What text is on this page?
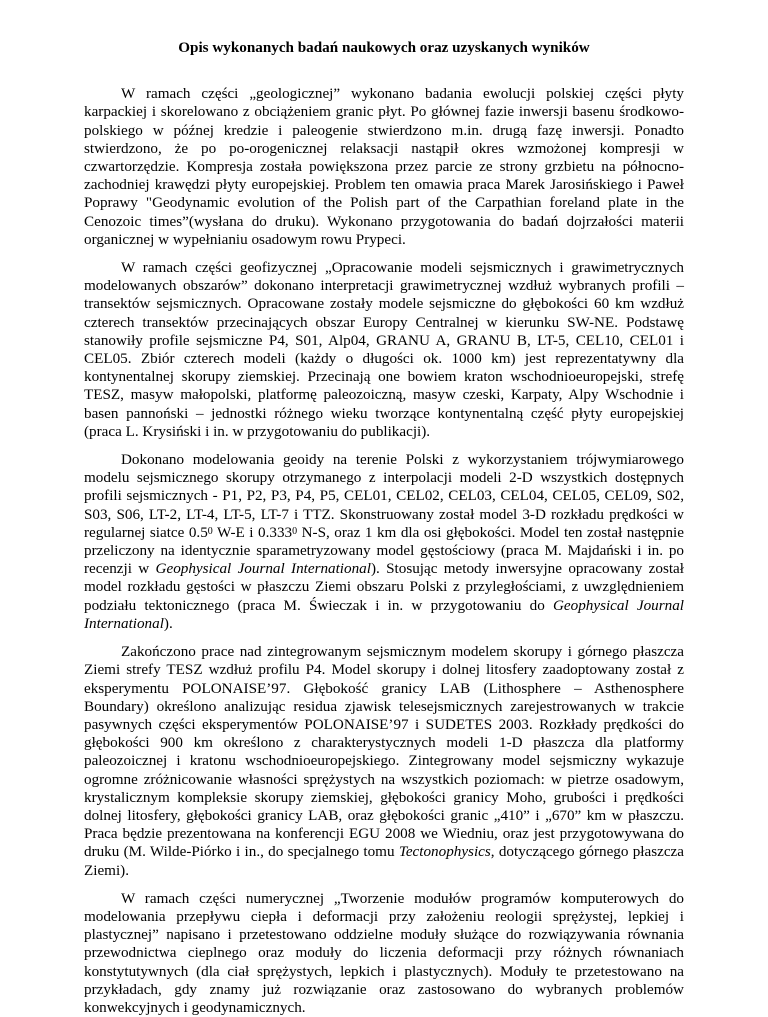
Opis wykonanych badań naukowych oraz uzyskanych wyników

W ramach części „geologicznej” wykonano badania ewolucji polskiej części płyty karpackiej i skorelowano z obciążeniem granic płyt. Po głównej fazie inwersji basenu środkowo-polskiego w późnej kredzie i paleogenie stwierdzono m.in. drugą fazę inwersji. Ponadto stwierdzono, że po po-orogenicznej relaksacji nastąpił okres wzmożonej kompresji w czwartorzędzie. Kompresja została powiększona przez parcie ze strony grzbietu na północno-zachodniej krawędzi płyty europejskiej. Problem ten omawia praca Marek Jarosińskiego i Paweł Poprawy "Geodynamic evolution of the Polish part of the Carpathian foreland plate in the Cenozoic times”(wysłana do druku). Wykonano przygotowania do badań dojrzałości materii organicznej w wypełnianiu osadowym rowu Prypeci.

W ramach części geofizycznej „Opracowanie modeli sejsmicznych i grawimetrycznych modelowanych obszarów” dokonano interpretacji grawimetrycznej wzdłuż wybranych profili – transektów sejsmicznych. Opracowane zostały modele sejsmiczne do głębokości 60 km wzdłuż czterech transektów przecinających obszar Europy Centralnej w kierunku SW-NE. Podstawę stanowiły profile sejsmiczne P4, S01, Alp04, GRANU A, GRANU B, LT-5, CEL10, CEL01 i CEL05. Zbiór czterech modeli (każdy o długości ok. 1000 km) jest reprezentatywny dla kontynentalnej skorupy ziemskiej. Przecinają one bowiem kraton wschodnioeuropejski, strefę TESZ, masyw małopolski, platformę paleozoiczną, masyw czeski, Karpaty, Alpy Wschodnie i basen pannoński – jednostki różnego wieku tworzące kontynentalną część płyty europejskiej (praca L. Krysiński i in. w przygotowaniu do publikacji).

Dokonano modelowania geoidy na terenie Polski z wykorzystaniem trójwymiarowego modelu sejsmicznego skorupy otrzymanego z interpolacji modeli 2-D wszystkich dostępnych profili sejsmicznych - P1, P2, P3, P4, P5, CEL01, CEL02, CEL03, CEL04, CEL05, CEL09, S02, S03, S06, LT-2, LT-4, LT-5, LT-7 i TTZ. Skonstruowany został model 3-D rozkładu prędkości w regularnej siatce $0.5^0$ W-E i 0.333$^0$ N-S, oraz 1 km dla osi głębokości. Model ten został następnie przeliczony na identycznie sparametryzowany model gęstościowy (praca M. Majdański i in. po recenzji w Geophysical Journal International). Stosując metody inwersyjne opracowany został model rozkładu gęstości w płaszczu Ziemi obszaru Polski z przyległościami, z uwzględnieniem podziału tektonicznego (praca M. Świeczak i in. w przygotowaniu do Geophysical Journal International).

Zakończono prace nad zintegrowanym sejsmicznym modelem skorupy i górnego płaszcza Ziemi strefy TESZ wzdłuż profilu P4. Model skorupy i dolnej litosfery zaadoptowany został z eksperymentu POLONAISE’97. Głębokość granicy LAB (Lithosphere – Asthenosphere Boundary) określono analizując residua zjawisk telesejsmicznych zarejestrowanych w trakcie pasywnych części eksperymentów POLONAISE’97 i SUDETES 2003. Rozkłady prędkości do głębokości 900 km określono z charakterystycznych modeli 1-D płaszcza dla platformy paleozoicznej i kratonu wschodnioeuropejskiego. Zintegrowany model sejsmiczny wykazuje ogromne zróżnicowanie własności sprężystych na wszystkich poziomach: w pietrze osadowym, krystalicznym kompleksie skorupy ziemskiej, głębokości granicy Moho, grubości i prędkości dolnej litosfery, głębokości granicy LAB, oraz głębokości granic „410” i „670” km w płaszczu. Praca będzie prezentowana na konferencji EGU 2008 we Wiedniu, oraz jest przygotowywana do druku (M. Wilde-Piórko i in., do specjalnego tomu Tectonophysics, dotyczącego górnego płaszcza Ziemi).

W ramach części numerycznej „Tworzenie modułów programów komputerowych do modelowania przepływu ciepła i deformacji przy założeniu reologii sprężystej, lepkiej i plastycznej” napisano i przetestowano oddzielne moduły służące do rozwiązywania równania przewodnictwa cieplnego oraz moduły do liczenia deformacji przy różnych równaniach konstytutywnych (dla ciał sprężystych, lepkich i plastycznych). Moduły te przetestowano na przykładach, gdy znamy już rozwiązanie oraz zastosowano do wybranych problemów konwekcyjnych i geodynamicznych.
